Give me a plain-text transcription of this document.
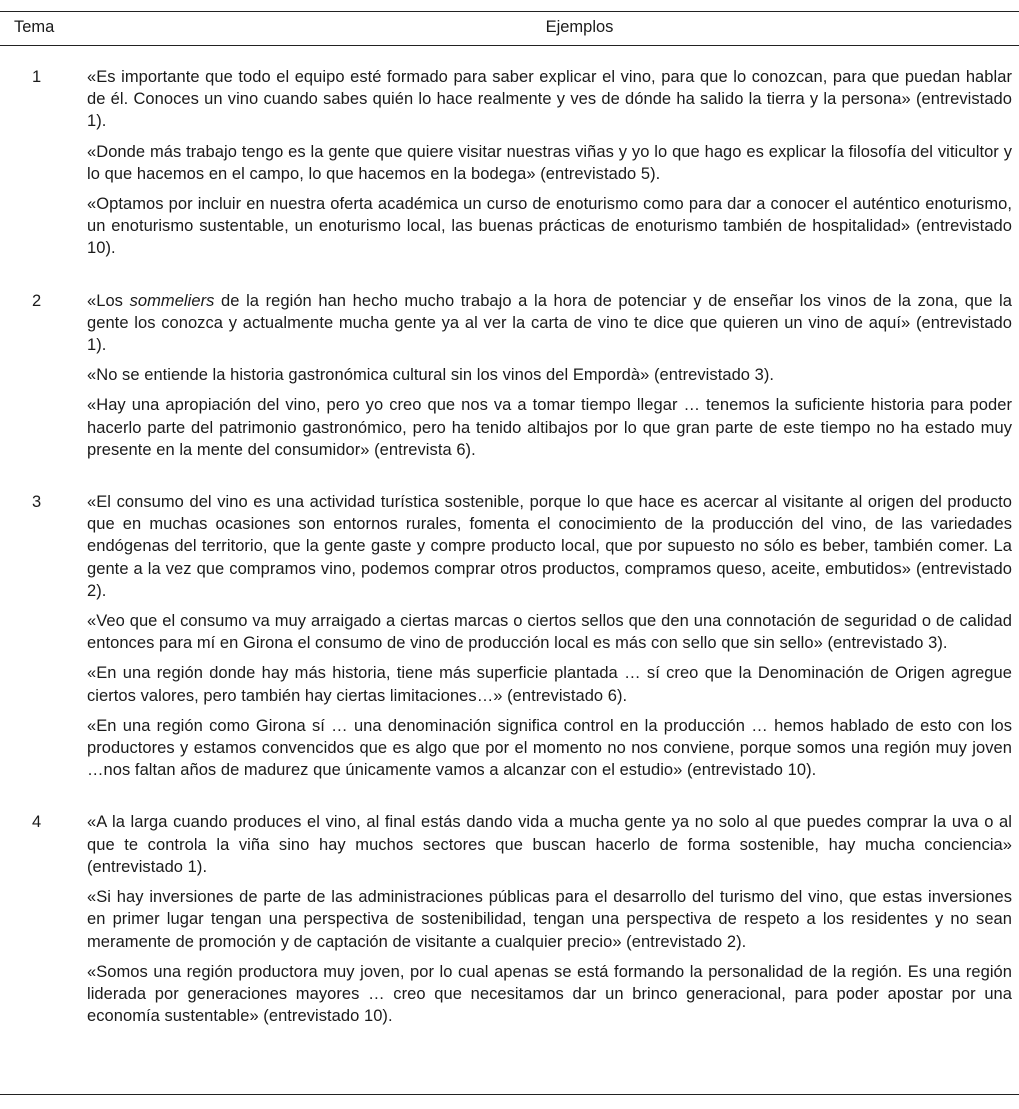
Tema	Ejemplos
1	«Es importante que todo el equipo esté formado para saber explicar el vino, para que lo conozcan, para que puedan hablar de él. Conoces un vino cuando sabes quién lo hace realmente y ves de dónde ha salido la tierra y la persona» (entrevistado 1).

«Donde más trabajo tengo es la gente que quiere visitar nuestras viñas y yo lo que hago es explicar la filosofía del viticultor y lo que hacemos en el campo, lo que hacemos en la bodega» (entrevistado 5).

«Optamos por incluir en nuestra oferta académica un curso de enoturismo como para dar a conocer el auténtico enoturismo, un enoturismo sustentable, un enoturismo local, las buenas prácticas de enoturismo también de hospitalidad» (entrevistado 10).

2	«Los sommeliers de la región han hecho mucho trabajo a la hora de potenciar y de enseñar los vinos de la zona, que la gente los conozca y actualmente mucha gente ya al ver la carta de vino te dice que quieren un vino de aquí» (entrevistado 1).

«No se entiende la historia gastronómica cultural sin los vinos del Empordà» (entrevistado 3).

«Hay una apropiación del vino, pero yo creo que nos va a tomar tiempo llegar … tenemos la suficiente historia para poder hacerlo parte del patrimonio gastronómico, pero ha tenido altibajos por lo que gran parte de este tiempo no ha estado muy presente en la mente del consumidor» (entrevista 6).

3	«El consumo del vino es una actividad turística sostenible, porque lo que hace es acercar al visitante al origen del producto que en muchas ocasiones son entornos rurales, fomenta el conocimiento de la producción del vino, de las variedades endógenas del territorio, que la gente gaste y compre producto local, que por supuesto no sólo es beber, también comer. La gente a la vez que compramos vino, podemos comprar otros productos, compramos queso, aceite, embutidos» (entrevistado 2).

«Veo que el consumo va muy arraigado a ciertas marcas o ciertos sellos que den una connotación de seguridad o de calidad entonces para mí en Girona el consumo de vino de producción local es más con sello que sin sello» (entrevistado 3).

«En una región donde hay más historia, tiene más superficie plantada … sí creo que la Denominación de Origen agregue ciertos valores, pero también hay ciertas limitaciones…» (entrevistado 6).

«En una región como Girona sí … una denominación significa control en la producción … hemos hablado de esto con los productores y estamos convencidos que es algo que por el momento no nos conviene, porque somos una región muy joven …nos faltan años de madurez que únicamente vamos a alcanzar con el estudio» (entrevistado 10).

4	«A la larga cuando produces el vino, al final estás dando vida a mucha gente ya no solo al que puedes comprar la uva o al que te controla la viña sino hay muchos sectores que buscan hacerlo de forma sostenible, hay mucha conciencia» (entrevistado 1).

«Si hay inversiones de parte de las administraciones públicas para el desarrollo del turismo del vino, que estas inversiones en primer lugar tengan una perspectiva de sostenibilidad, tengan una perspectiva de respeto a los residentes y no sean meramente de promoción y de captación de visitante a cualquier precio» (entrevistado 2).

«Somos una región productora muy joven, por lo cual apenas se está formando la personalidad de la región. Es una región liderada por generaciones mayores … creo que necesitamos dar un brinco generacional, para poder apostar por una economía sustentable» (entrevistado 10).
